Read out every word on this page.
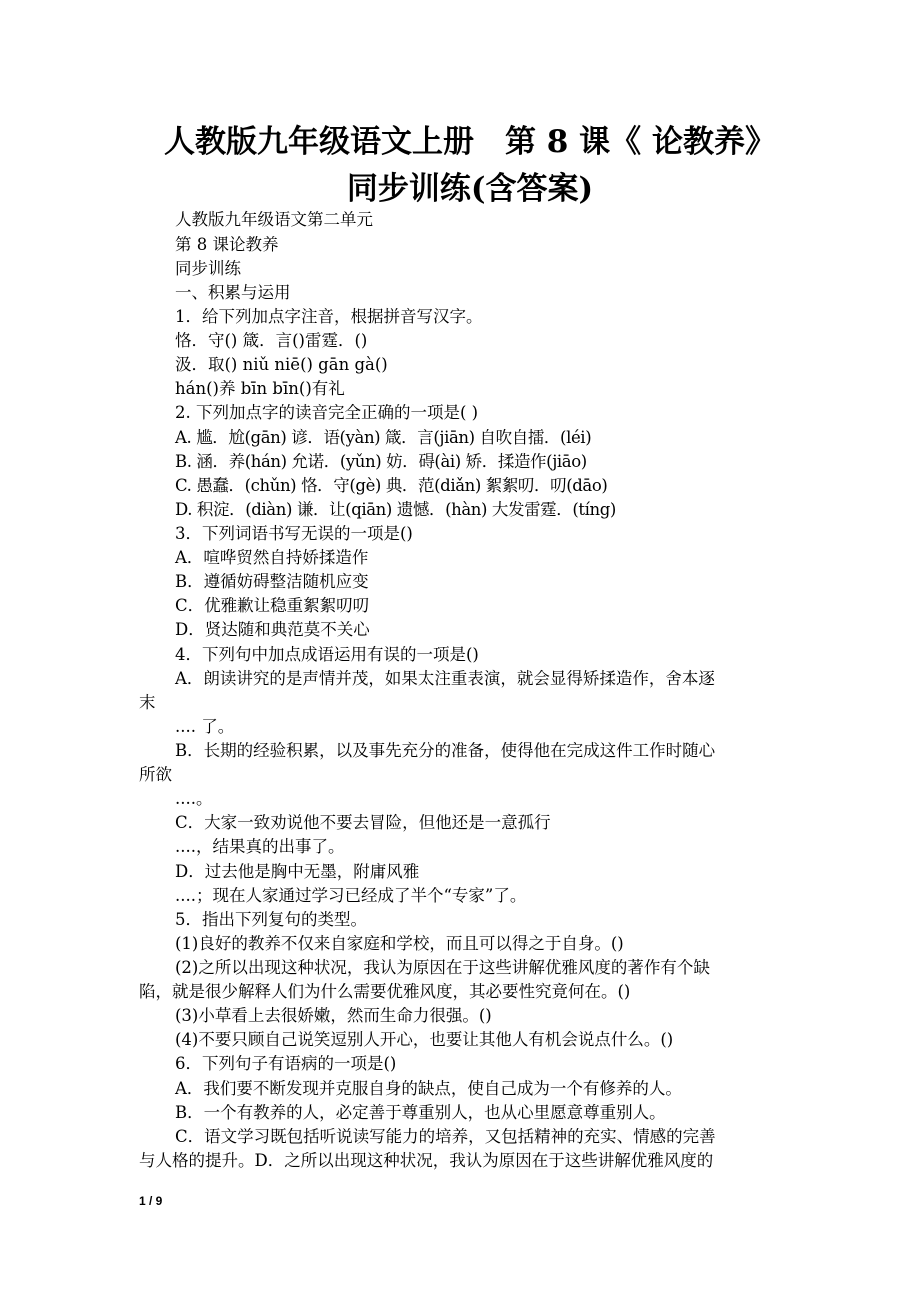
人教版九年级语文上册　第 8 课《 论教养》
同步训练(含答案)
人教版九年级语文第二单元
第 8 课论教养
同步训练
一、积累与运用
1．给下列加点字注音，根据拼音写汉字。
恪．守() 箴．言()雷霆．()
汲．取() niǔ niē() gān gà()
hán()养 bīn bīn()有礼
2. 下列加点字的读音完全正确的一项是( )
A. 尴．尬(gān) 谚．语(yàn) 箴．言(jiān) 自吹自擂．(léi)
B. 涵．养(hán) 允诺．(yǔn) 妨．碍(ài) 矫．揉造作(jiāo)
C. 愚蠢．(chǔn) 恪．守(gè) 典．范(diǎn) 絮絮叨．叨(dāo)
D. 积淀．(diàn) 谦．让(qiān) 遗憾．(hàn) 大发雷霆．(tíng)
3．下列词语书写无误的一项是()
A．喧哗贸然自持娇揉造作
B．遵循妨碍整洁随机应变
C．优雅歉让稳重絮絮叨叨
D．贤达随和典范莫不关心
4．下列句中加点成语运用有误的一项是()
A．朗读讲究的是声情并茂，如果太注重表演，就会显得矫揉造作，舍本逐
末
.... 了。
B．长期的经验积累，以及事先充分的准备，使得他在完成这件工作时随心
所欲
....。
C．大家一致劝说他不要去冒险，但他还是一意孤行
....，结果真的出事了。
D．过去他是胸中无墨，附庸风雅
....；现在人家通过学习已经成了半个“专家”了。
5．指出下列复句的类型。
(1)良好的教养不仅来自家庭和学校，而且可以得之于自身。()
(2)之所以出现这种状况，我认为原因在于这些讲解优雅风度的著作有个缺
陷，就是很少解释人们为什么需要优雅风度，其必要性究竟何在。()
(3)小草看上去很娇嫩，然而生命力很强。()
(4)不要只顾自己说笑逗别人开心，也要让其他人有机会说点什么。()
6．下列句子有语病的一项是()
A．我们要不断发现并克服自身的缺点，使自己成为一个有修养的人。
B．一个有教养的人，必定善于尊重别人，也从心里愿意尊重别人。
C．语文学习既包括听说读写能力的培养，又包括精神的充实、情感的完善
与人格的提升。D．之所以出现这种状况，我认为原因在于这些讲解优雅风度的
1 / 9
